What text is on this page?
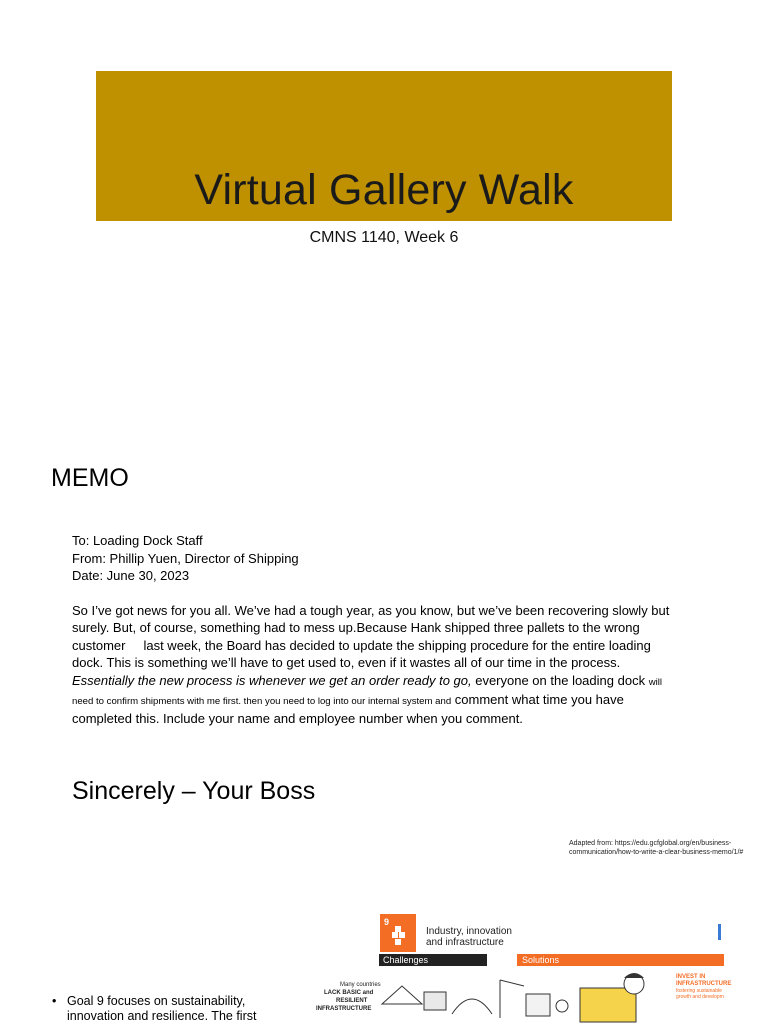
Virtual Gallery Walk
CMNS 1140, Week 6
MEMO
To: Loading Dock Staff
From: Phillip Yuen, Director of Shipping
Date: June 30, 2023
So I’ve got news for you all. We’ve had a tough year, as you know, but we’ve been recovering slowly but surely. But, of course, something had to mess up.Because Hank shipped three pallets to the wrong customer last week, the Board has decided to update the shipping procedure for the entire loading dock. This is something we’ll have to get used to, even if it wastes all of our time in the process. Essentially the new process is whenever we get an order ready to go, everyone on the loading dock will need to confirm shipments with me first. then you need to log into our internal system and comment what time you have completed this. Include your name and employee number when you comment.
Sincerely – Your Boss
Adapted from: https://edu.gcfglobal.org/en/business-communication/how-to-write-a-clear-business-memo/1/#
• Goal 9 focuses on sustainability, innovation and resilience. The first
9
Industry, innovation
and infrastructure
Challenges	Solutions
Many countries
LACK BASIC and
RESILIENT
INFRASTRUCTURE
INVEST IN
INFRASTRUCTURE
fostering sustainable
growth and developm
